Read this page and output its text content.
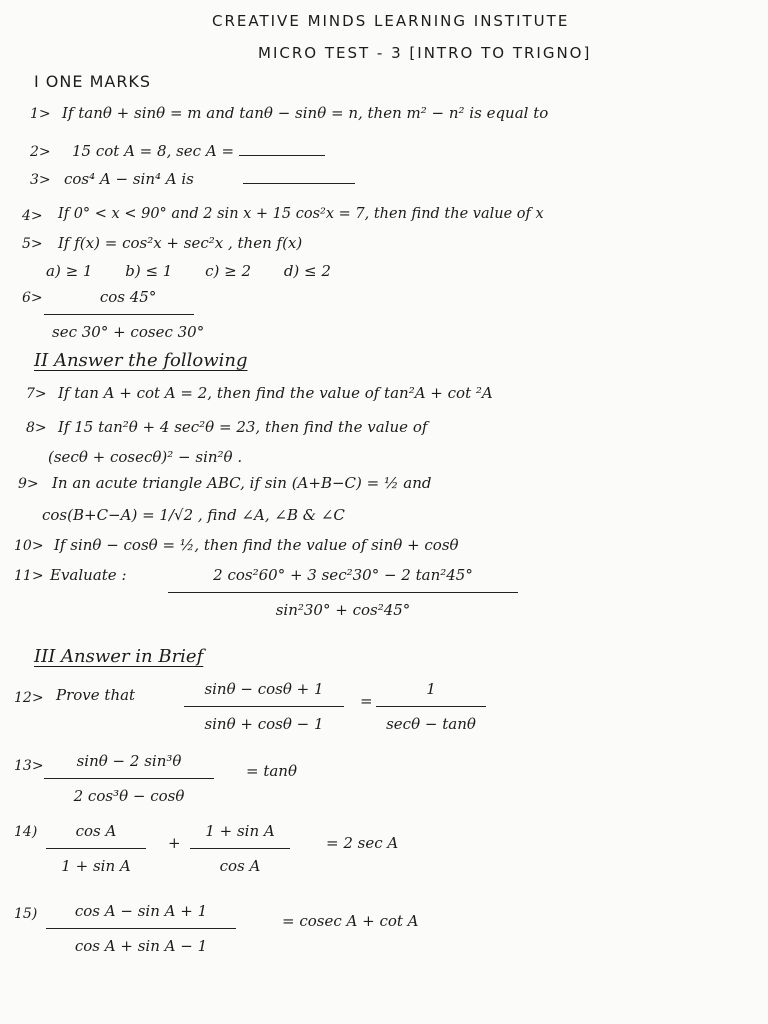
CREATIVE MINDS LEARNING INSTITUTE
MICRO TEST - 3 [INTRO TO TRIGNO]
I ONE MARKS
1> If tanθ + sinθ = m and tanθ − sinθ = n, then m² − n² is equal to
2> 15 cot A = 8, sec A =
3> cos⁴ A − sin⁴ A is
4> If 0° < x < 90° and 2 sin x + 15 cos²x = 7, then find the value of x
5> If f(x) = cos²x + sec²x , then f(x)
a) ≥ 1 b) ≤ 1 c) ≥ 2 d) ≤ 2
6>	cos 45°
sec 30° + cosec 30°
II Answer the following
7> If tan A + cot A = 2, then find the value of tan²A + cot ²A
8> If 15 tan²θ + 4 sec²θ = 23, then find the value of
(secθ + cosecθ)² − sin²θ .
9> In an acute triangle ABC, if sin (A+B−C) = ½ and
cos(B+C−A) = 1/√2 , find ∠A, ∠B & ∠C
10> If sinθ − cosθ = ½, then find the value of sinθ + cosθ
11> Evaluate :	2 cos²60° + 3 sec²30° − 2 tan²45°
sin²30° + cos²45°
III Answer in Brief
12> Prove that	sinθ − cosθ + 1
sinθ + cosθ − 1
=
1
secθ − tanθ
13>	sinθ − 2 sin³θ
2 cos³θ − cosθ
= tanθ
14)	cos A
1 + sin A
+
1 + sin A
cos A
= 2 sec A
15)	cos A − sin A + 1
cos A + sin A − 1
= cosec A + cot A
